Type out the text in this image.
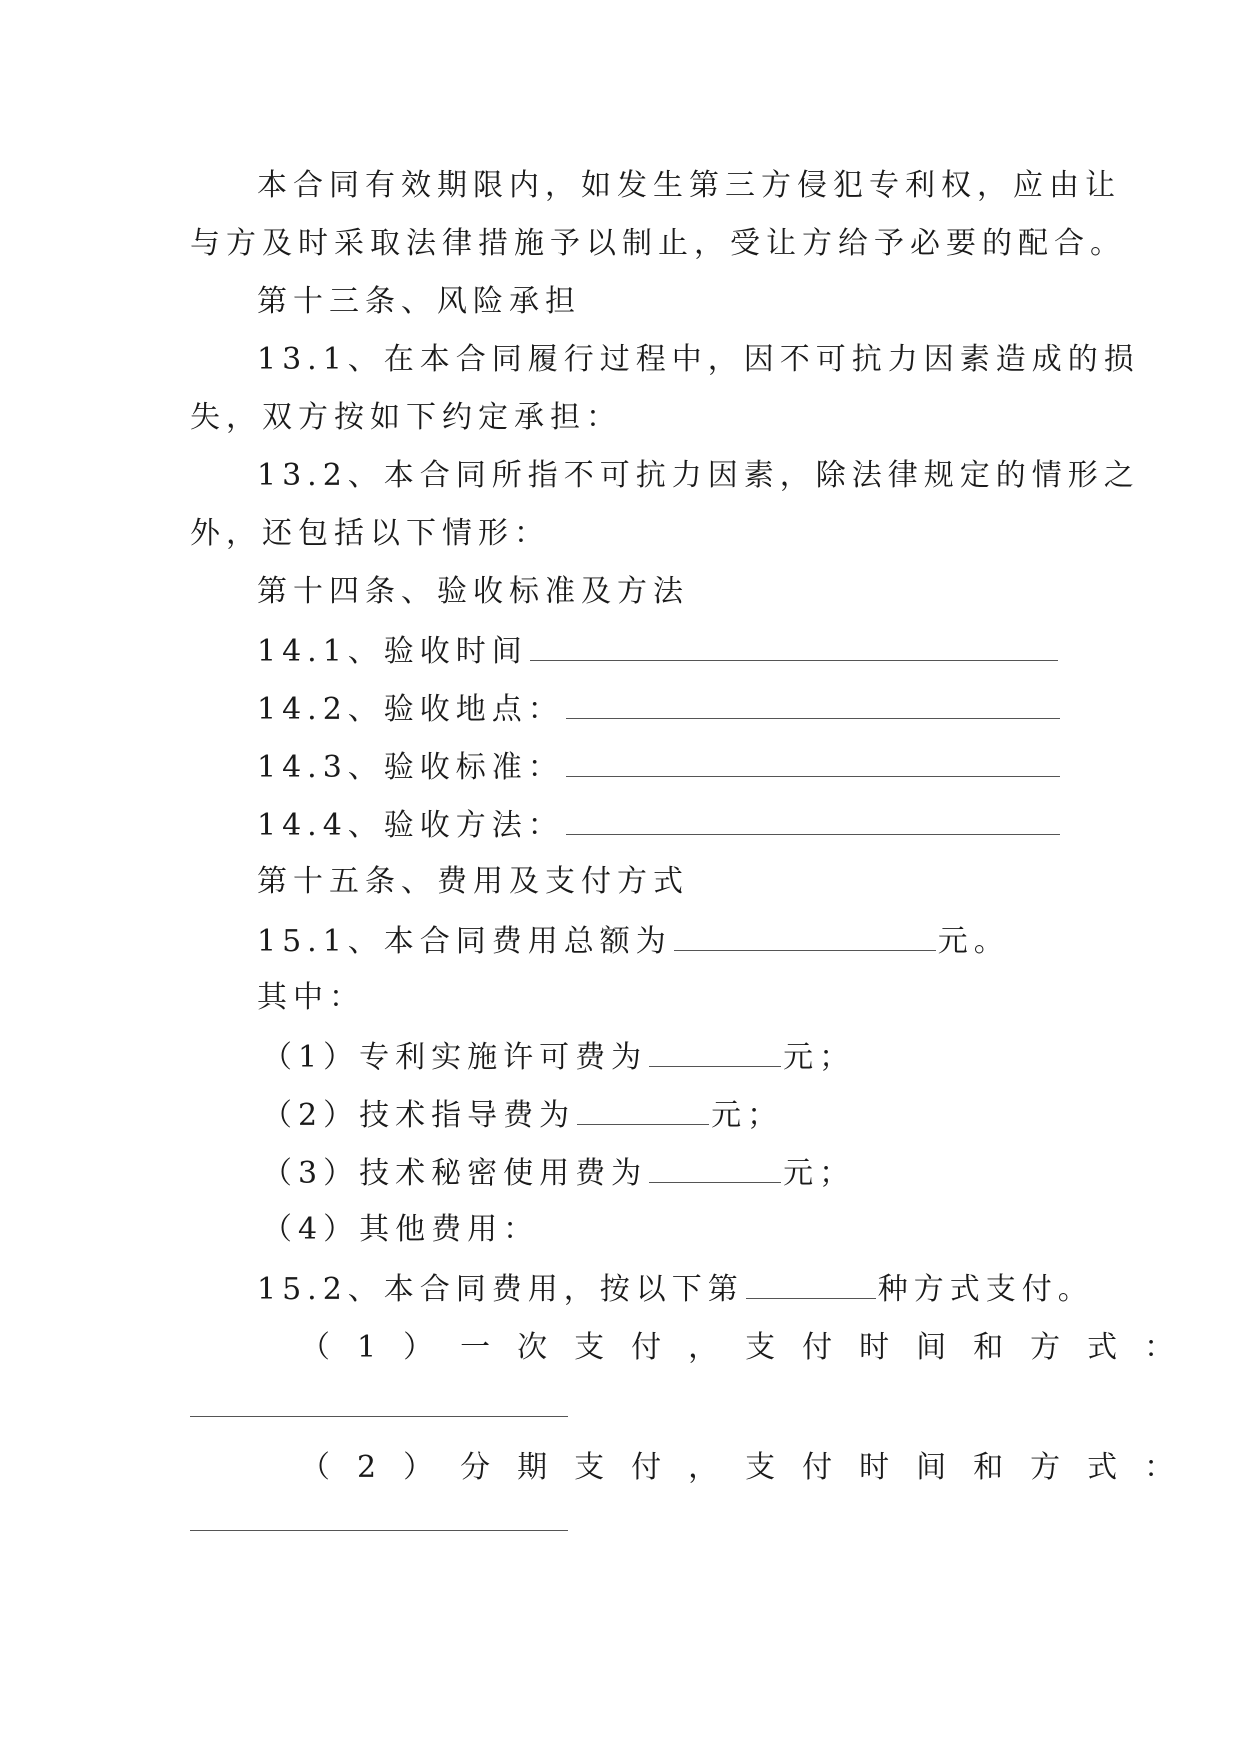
本合同有效期限内，如发生第三方侵犯专利权，应由让
与方及时采取法律措施予以制止，受让方给予必要的配合。
第十三条、风险承担
13.1、在本合同履行过程中，因不可抗力因素造成的损
失，双方按如下约定承担：
13.2、本合同所指不可抗力因素，除法律规定的情形之
外，还包括以下情形：
第十四条、验收标准及方法
14.1、验收时间
14.2、验收地点：
14.3、验收标准：
14.4、验收方法：
第十五条、费用及支付方式
15.1、本合同费用总额为	元。
其中：
（1）专利实施许可费为	元；
（2）技术指导费为	元；
（3）技术秘密使用费为	元；
（4）其他费用：
15.2、本合同费用，按以下第	种方式支付。
（1）一次支付，支付时间和方式：
（2）分期支付，支付时间和方式：
